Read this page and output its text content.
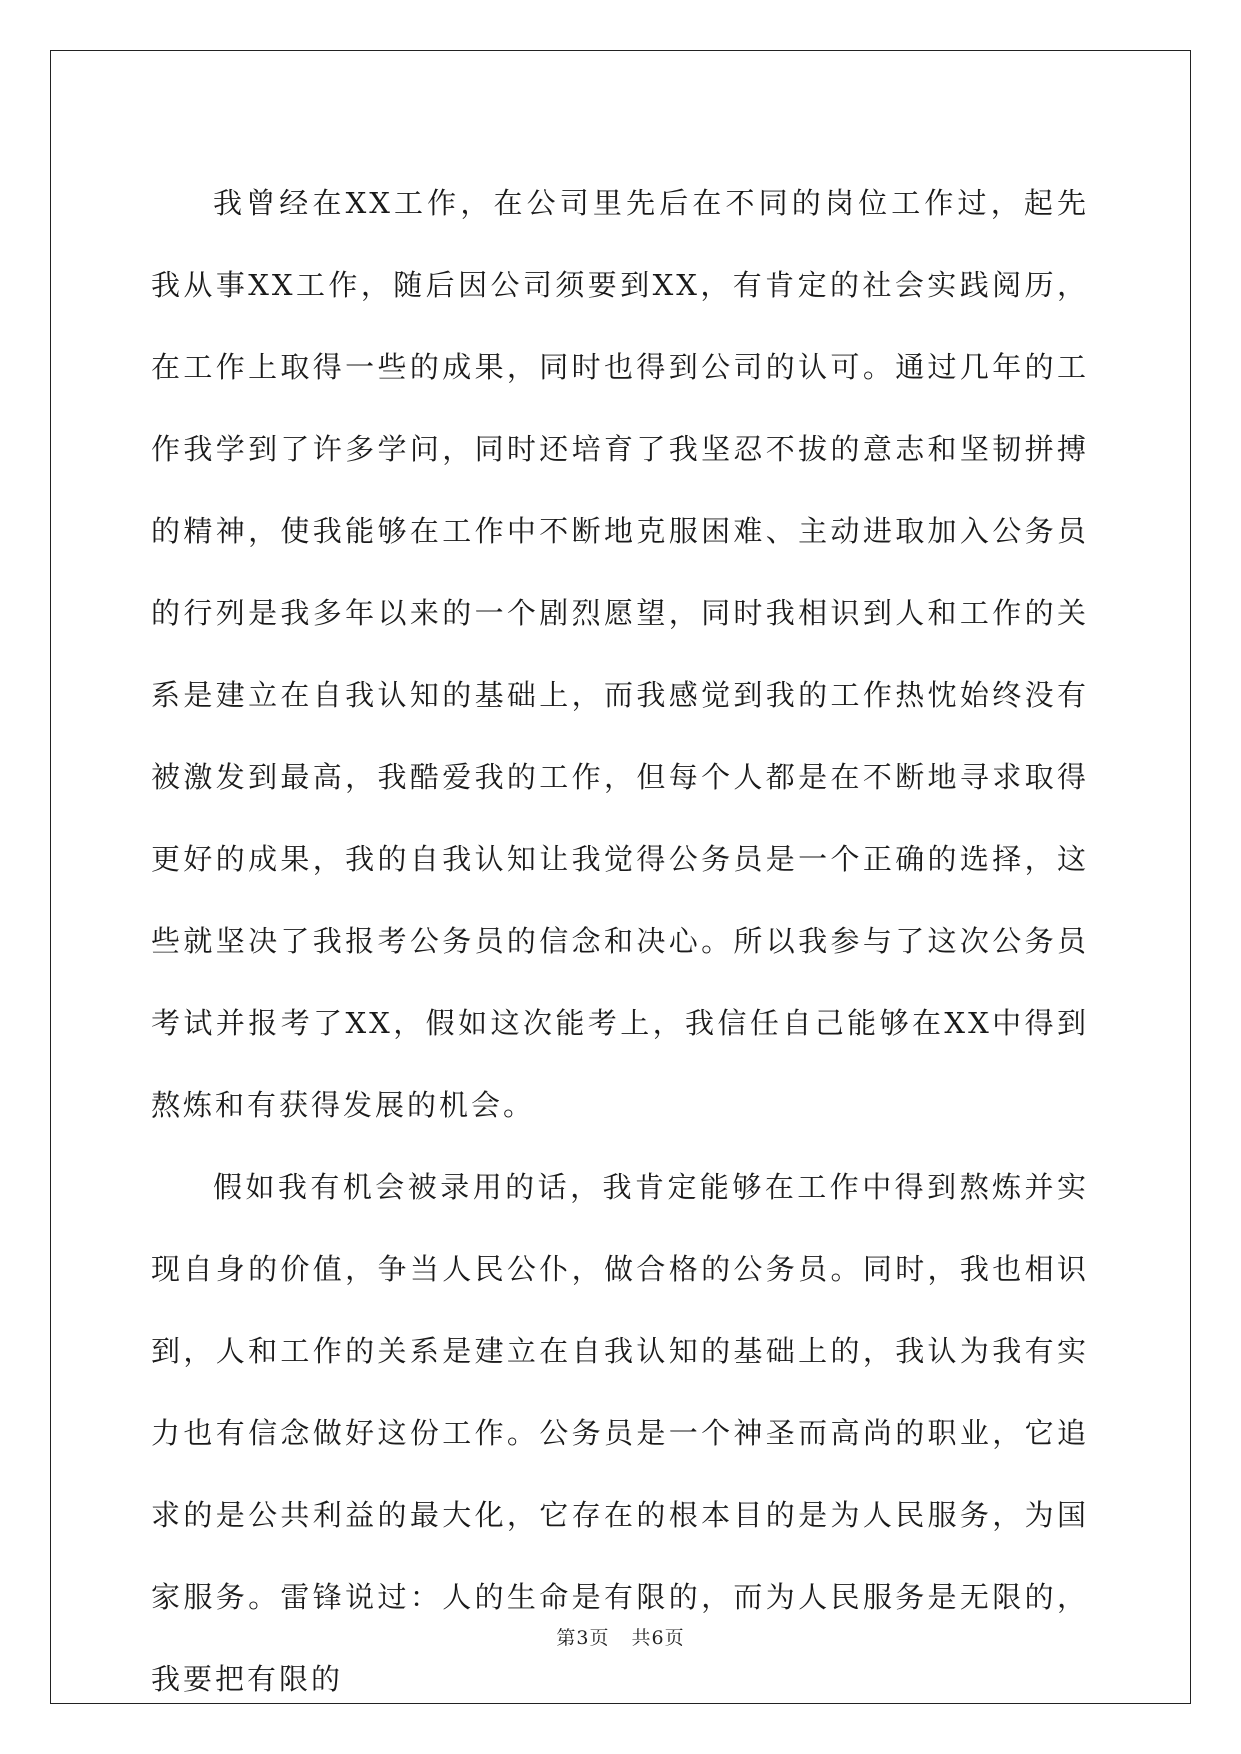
我曾经在XX工作，在公司里先后在不同的岗位工作过，起先我从事XX工作，随后因公司须要到XX，有肯定的社会实践阅历，在工作上取得一些的成果，同时也得到公司的认可。通过几年的工作我学到了许多学问，同时还培育了我坚忍不拔的意志和坚韧拼搏的精神，使我能够在工作中不断地克服困难、主动进取加入公务员的行列是我多年以来的一个剧烈愿望，同时我相识到人和工作的关系是建立在自我认知的基础上，而我感觉到我的工作热忱始终没有被激发到最高，我酷爱我的工作，但每个人都是在不断地寻求取得更好的成果，我的自我认知让我觉得公务员是一个正确的选择，这些就坚决了我报考公务员的信念和决心。所以我参与了这次公务员考试并报考了XX，假如这次能考上，我信任自己能够在XX中得到熬炼和有获得发展的机会。

假如我有机会被录用的话，我肯定能够在工作中得到熬炼并实现自身的价值，争当人民公仆，做合格的公务员。同时，我也相识到，人和工作的关系是建立在自我认知的基础上的，我认为我有实力也有信念做好这份工作。公务员是一个神圣而高尚的职业，它追求的是公共利益的最大化，它存在的根本目的是为人民服务，为国家服务。雷锋说过：人的生命是有限的，而为人民服务是无限的，我要把有限的

第3页 共6页
